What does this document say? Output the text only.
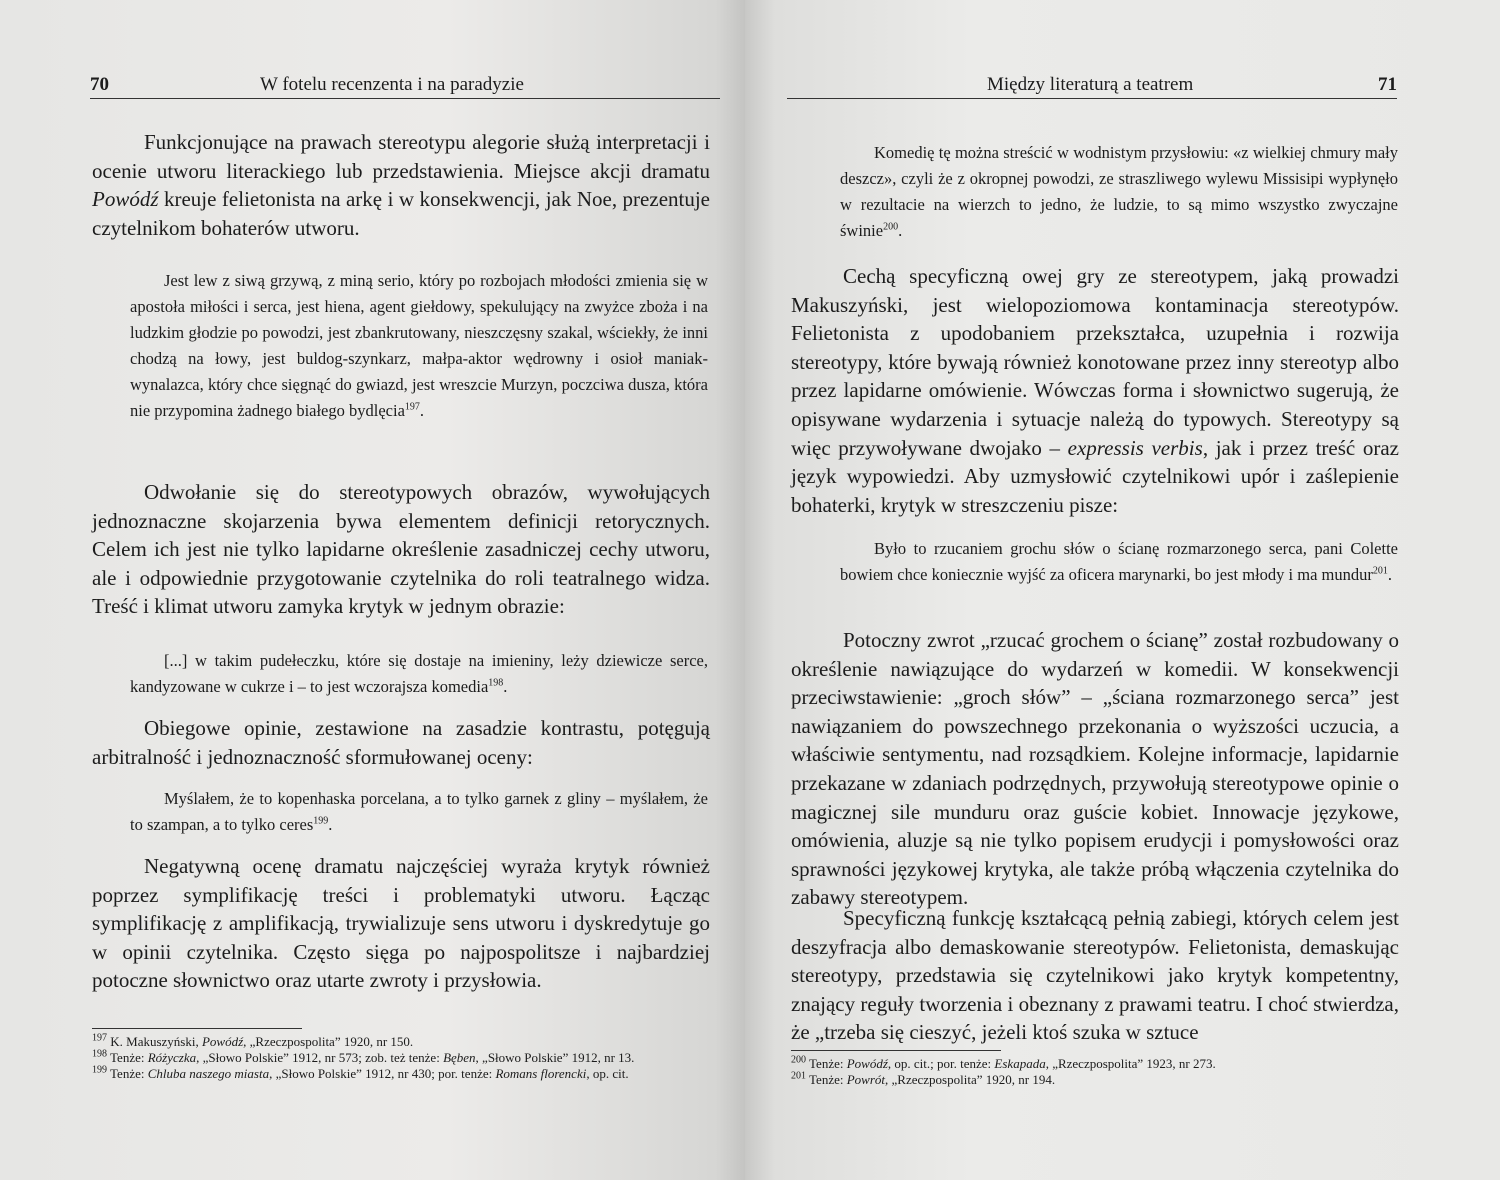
70	W fotelu recenzenta i na paradyzie

Funkcjonujące na prawach stereotypu alegorie służą interpretacji i ocenie utworu literackiego lub przedstawienia. Miejsce akcji dramatu Powódź kreuje felietonista na arkę i w konsekwencji, jak Noe, prezentuje czytelnikom bohaterów utworu.

Jest lew z siwą grzywą, z miną serio, który po rozbojach młodości zmienia się w apostoła miłości i serca, jest hiena, agent giełdowy, spekulujący na zwyżce zboża i na ludzkim głodzie po powodzi, jest zbankrutowany, nieszczęsny szakal, wściekły, że inni chodzą na łowy, jest buldog-szynkarz, małpa-aktor wędrowny i osioł maniak-wynalazca, który chce sięgnąć do gwiazd, jest wreszcie Murzyn, poczciwa dusza, która nie przypomina żadnego białego bydlęcia$^{197}$.

Odwołanie się do stereotypowych obrazów, wywołujących jednoznaczne skojarzenia bywa elementem definicji retorycznych. Celem ich jest nie tylko lapidarne określenie zasadniczej cechy utworu, ale i odpowiednie przygotowanie czytelnika do roli teatralnego widza. Treść i klimat utworu zamyka krytyk w jednym obrazie:

[...] w takim pudełeczku, które się dostaje na imieniny, leży dziewicze serce, kandyzowane w cukrze i – to jest wczorajsza komedia$^{198}$.

Obiegowe opinie, zestawione na zasadzie kontrastu, potęgują arbitralność i jednoznaczność sformułowanej oceny:

Myślałem, że to kopenhaska porcelana, a to tylko garnek z gliny – myślałem, że to szampan, a to tylko ceres$^{199}$.

Negatywną ocenę dramatu najczęściej wyraża krytyk również poprzez symplifikację treści i problematyki utworu. Łącząc symplifikację z amplifikacją, trywializuje sens utworu i dyskredytuje go w opinii czytelnika. Często sięga po najpospolitsze i najbardziej potoczne słownictwo oraz utarte zwroty i przysłowia.

$^{197}$ K. Makuszyński, Powódź, „Rzeczpospolita” 1920, nr 150.
$^{198}$ Tenże: Różyczka, „Słowo Polskie” 1912, nr 573; zob. też tenże: Bęben, „Słowo Polskie” 1912, nr 13.
$^{199}$ Tenże: Chluba naszego miasta, „Słowo Polskie” 1912, nr 430; por. tenże: Romans florencki, op. cit.
Między literaturą a teatrem	71

Komedię tę można streścić w wodnistym przysłowiu: «z wielkiej chmury mały deszcz», czyli że z okropnej powodzi, ze straszliwego wylewu Missisipi wypłynęło w rezultacie na wierzch to jedno, że ludzie, to są mimo wszystko zwyczajne świnie$^{200}$.

Cechą specyficzną owej gry ze stereotypem, jaką prowadzi Makuszyński, jest wielopoziomowa kontaminacja stereotypów. Felietonista z upodobaniem przekształca, uzupełnia i rozwija stereotypy, które bywają również konotowane przez inny stereotyp albo przez lapidarne omówienie. Wówczas forma i słownictwo sugerują, że opisywane wydarzenia i sytuacje należą do typowych. Stereotypy są więc przywoływane dwojako – expressis verbis, jak i przez treść oraz język wypowiedzi. Aby uzmysłowić czytelnikowi upór i zaślepienie bohaterki, krytyk w streszczeniu pisze:

Było to rzucaniem grochu słów o ścianę rozmarzonego serca, pani Colette bowiem chce koniecznie wyjść za oficera marynarki, bo jest młody i ma mundur$^{201}$.

Potoczny zwrot „rzucać grochem o ścianę” został rozbudowany o określenie nawiązujące do wydarzeń w komedii. W konsekwencji przeciwstawienie: „groch słów” – „ściana rozmarzonego serca” jest nawiązaniem do powszechnego przekonania o wyższości uczucia, a właściwie sentymentu, nad rozsądkiem. Kolejne informacje, lapidarnie przekazane w zdaniach podrzędnych, przywołują stereotypowe opinie o magicznej sile munduru oraz guście kobiet. Innowacje językowe, omówienia, aluzje są nie tylko popisem erudycji i pomysłowości oraz sprawności językowej krytyka, ale także próbą włączenia czytelnika do zabawy stereotypem.

Specyficzną funkcję kształcącą pełnią zabiegi, których celem jest deszyfracja albo demaskowanie stereotypów. Felietonista, demaskując stereotypy, przedstawia się czytelnikowi jako krytyk kompetentny, znający reguły tworzenia i obeznany z prawami teatru. I choć stwierdza, że „trzeba się cieszyć, jeżeli ktoś szuka w sztuce

$^{200}$ Tenże: Powódź, op. cit.; por. tenże: Eskapada, „Rzeczpospolita” 1923, nr 273.
$^{201}$ Tenże: Powrót, „Rzeczpospolita” 1920, nr 194.
